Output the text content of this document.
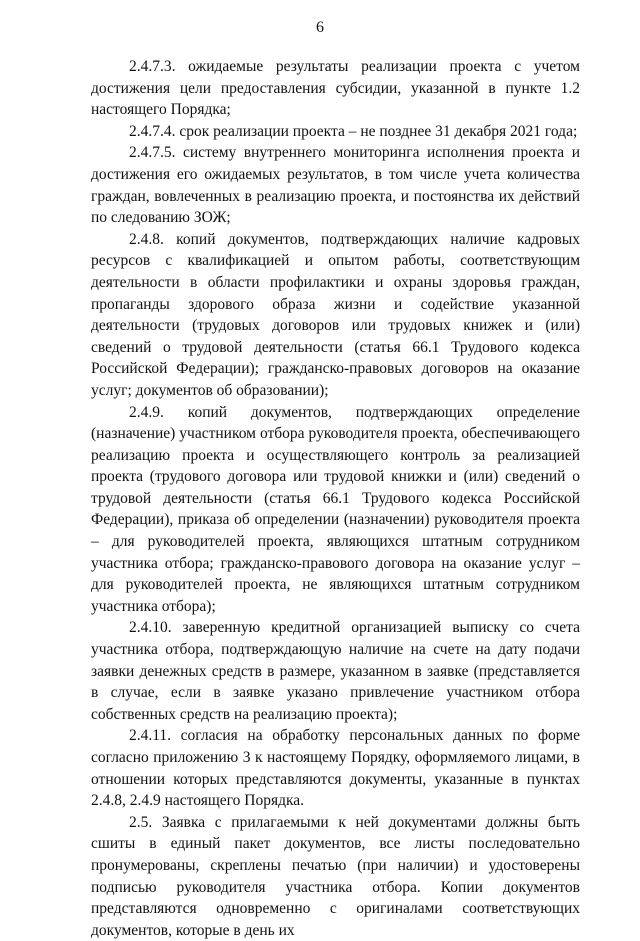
6

2.4.7.3. ожидаемые результаты реализации проекта с учетом достижения цели предоставления субсидии, указанной в пункте 1.2 настоящего Порядка;

2.4.7.4. срок реализации проекта – не позднее 31 декабря 2021 года;

2.4.7.5. систему внутреннего мониторинга исполнения проекта и достижения его ожидаемых результатов, в том числе учета количества граждан, вовлеченных в реализацию проекта, и постоянства их действий по следованию ЗОЖ;

2.4.8. копий документов, подтверждающих наличие кадровых ресурсов с квалификацией и опытом работы, соответствующим деятельности в области профилактики и охраны здоровья граждан, пропаганды здорового образа жизни и содействие указанной деятельности (трудовых договоров или трудовых книжек и (или) сведений о трудовой деятельности (статья 66.1 Трудового кодекса Российской Федерации); гражданско-правовых договоров на оказание услуг; документов об образовании);

2.4.9. копий документов, подтверждающих определение (назначение) участником отбора руководителя проекта, обеспечивающего реализацию проекта и осуществляющего контроль за реализацией проекта (трудового договора или трудовой книжки и (или) сведений о трудовой деятельности (статья 66.1 Трудового кодекса Российской Федерации), приказа об определении (назначении) руководителя проекта – для руководителей проекта, являющихся штатным сотрудником участника отбора; гражданско-правового договора на оказание услуг – для руководителей проекта, не являющихся штатным сотрудником участника отбора);

2.4.10. заверенную кредитной организацией выписку со счета участника отбора, подтверждающую наличие на счете на дату подачи заявки денежных средств в размере, указанном в заявке (представляется в случае, если в заявке указано привлечение участником отбора собственных средств на реализацию проекта);

2.4.11. согласия на обработку персональных данных по форме согласно приложению 3 к настоящему Порядку, оформляемого лицами, в отношении которых представляются документы, указанные в пунктах 2.4.8, 2.4.9 настоящего Порядка.

2.5. Заявка с прилагаемыми к ней документами должны быть сшиты в единый пакет документов, все листы последовательно пронумерованы, скреплены печатью (при наличии) и удостоверены подписью руководителя участника отбора. Копии документов представляются одновременно с оригиналами соответствующих документов, которые в день их
